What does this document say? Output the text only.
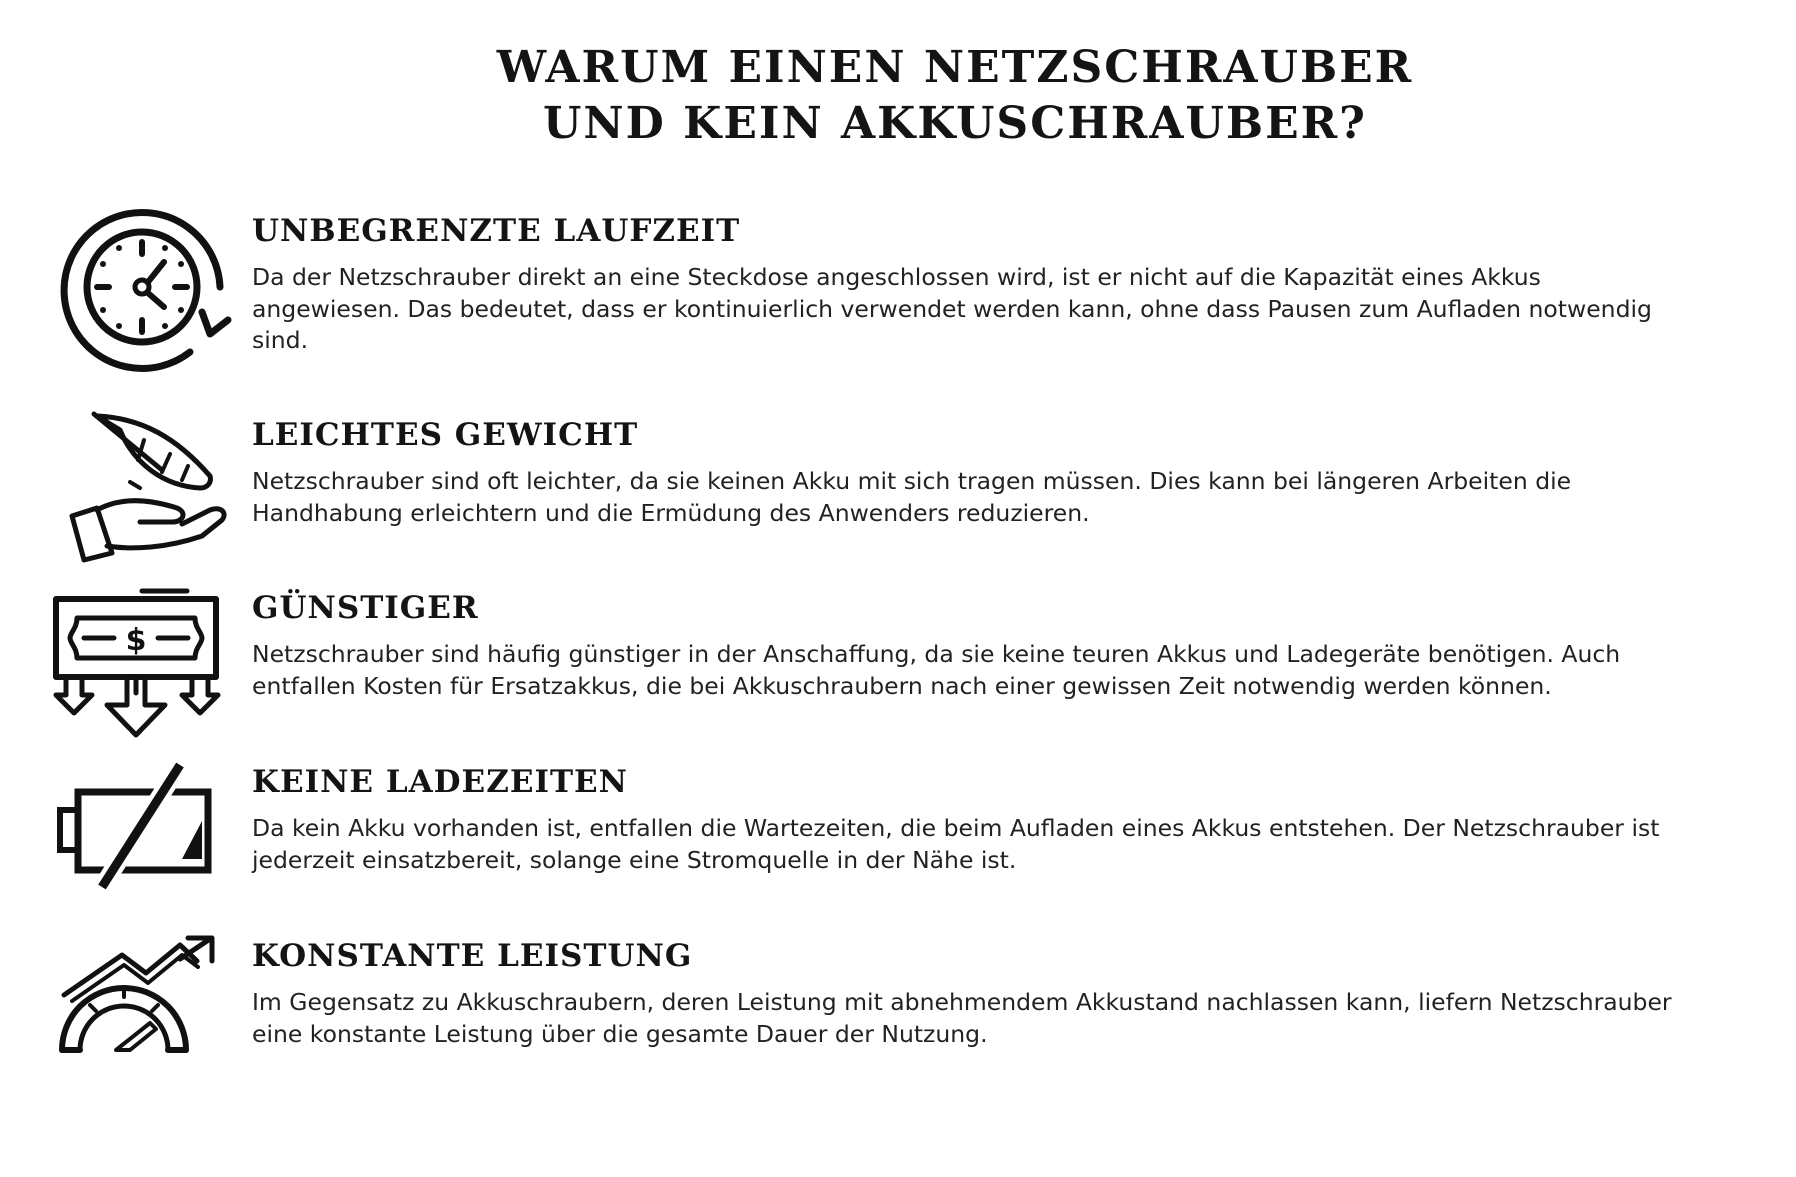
WARUM EINEN NETZSCHRAUBER
UND KEIN AKKUSCHRAUBER?
UNBEGRENZTE LAUFZEIT
Da der Netzschrauber direkt an eine Steckdose angeschlossen wird, ist er nicht auf die Kapazität eines Akkus angewiesen. Das bedeutet, dass er kontinuierlich verwendet werden kann, ohne dass Pausen zum Aufladen notwendig sind.
LEICHTES GEWICHT
Netzschrauber sind oft leichter, da sie keinen Akku mit sich tragen müssen. Dies kann bei längeren Arbeiten die Handhabung erleichtern und die Ermüdung des Anwenders reduzieren.
$
GÜNSTIGER
Netzschrauber sind häufig günstiger in der Anschaffung, da sie keine teuren Akkus und Ladegeräte benötigen. Auch entfallen Kosten für Ersatzakkus, die bei Akkuschraubern nach einer gewissen Zeit notwendig werden können.
KEINE LADEZEITEN
Da kein Akku vorhanden ist, entfallen die Wartezeiten, die beim Aufladen eines Akkus entstehen. Der Netzschrauber ist jederzeit einsatzbereit, solange eine Stromquelle in der Nähe ist.
KONSTANTE LEISTUNG
Im Gegensatz zu Akkuschraubern, deren Leistung mit abnehmendem Akkustand nachlassen kann, liefern Netzschrauber eine konstante Leistung über die gesamte Dauer der Nutzung.
